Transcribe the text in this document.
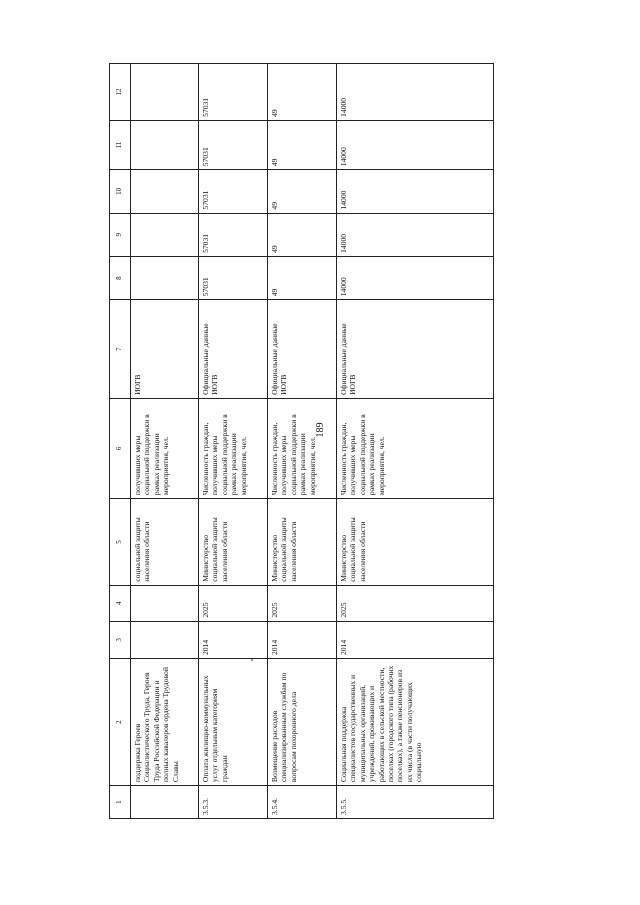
189
1	2	3	4	5	6	7	8	9	10	11	12
	поддержка Героев Социалистического Труда, Героев Труда Российской Федерации и полных кавалеров ордена Трудовой Славы			социальной защиты населения области	получивших меры социальной поддержки в рамках реализации мероприятия, чел.	ИОГВ					
3.5.3.	Оплата жилищно-коммунальных услуг отдельным категориям граждан	2014	2025	Министерство социальной защиты населения области	Численность граждан, получивших меры социальной поддержки в рамках реализации мероприятия, чел.	Официальные данные ИОГВ	57031	57031	57031	57031	57031
3.5.4.	Возмещение расходов специализированным службам по вопросам похоронного дела	2014	2025	Министерство социальной защиты населения области	Численность граждан, получивших меры социальной поддержки в рамках реализации мероприятия, чел.	Официальные данные ИОГВ	49	49	49	49	49
3.5.5.	Социальная поддержка специалистов государственных и муниципальных организаций, учреждений, проживающих и работающих в сельской местности, поселках (городского типа (рабочих поселках), а также пенсионеров из их числа (в части получающих социальную	2014	2025	Министерство социальной защиты населения области	Численность граждан, получивших меры социальной поддержки в рамках реализации мероприятия, чел.	Официальные данные ИОГВ	14000	14000	14000	14000	14000
